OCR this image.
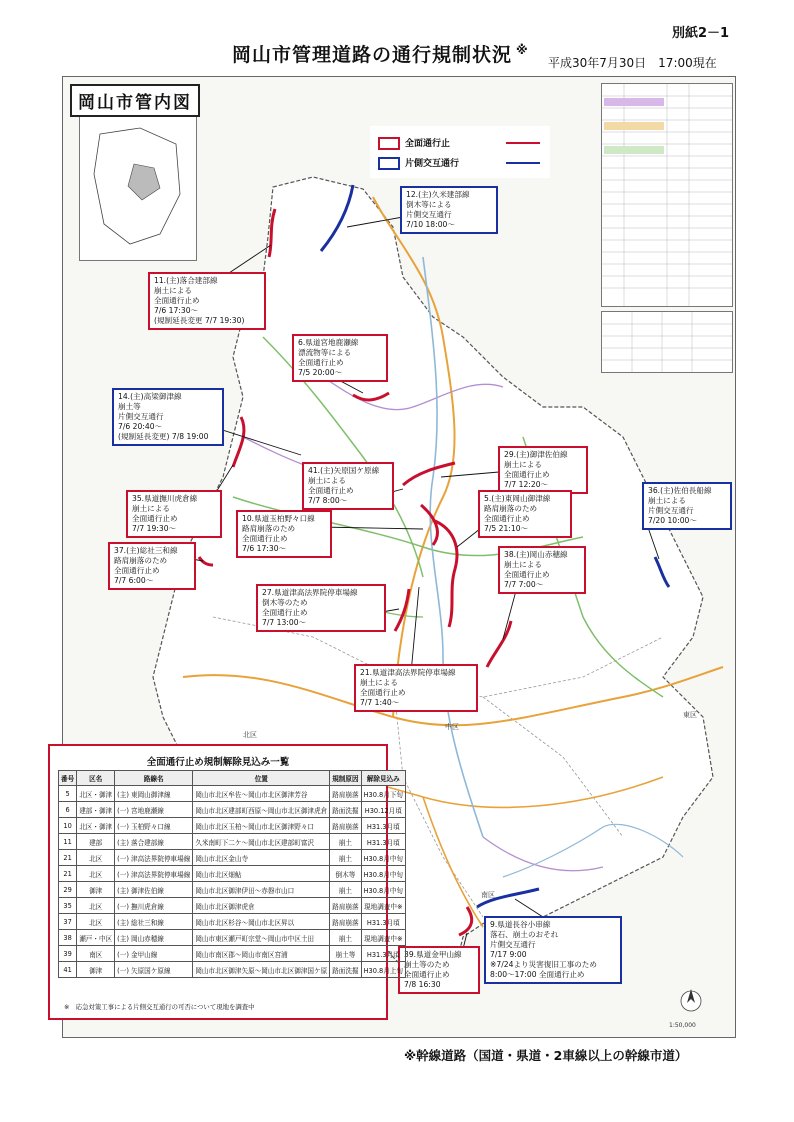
別紙2－1
岡山市管理道路の通行規制状況 ※
平成30年7月30日　17:00現在
北区
中区
南区
東区
1:50,000
岡山市管内図
全面通行止
片側交互通行
12.(主)久米建部線
倒木等による
片側交互通行
7/10 18:00～
11.(主)落合建部線
崩土による
全面通行止め
7/6 17:30～
(規制延長変更 7/7 19:30)
6.県道宮地鹿瀬線
漂流物等による
全面通行止め
7/5 20:00～
14.(主)高梁御津線
崩土等
片側交互通行
7/6 20:40～
(規制延長変更) 7/8 19:00
29.(主)御津佐伯線
崩土による
全面通行止め
7/7 12:20～
41.(主)矢原国ケ原線
崩土による
全面通行止め
7/7 8:00～
35.県道撫川虎倉線
崩土による
全面通行止め
7/7 19:30～
5.(主)東岡山御津線
路肩崩落のため
全面通行止め
7/5 21:10～
36.(主)佐伯長船線
崩土による
片側交互通行
7/20 10:00～
10.県道玉柏野々口線
路肩崩落のため
全面通行止め
7/6 17:30～
37.(主)総社三和線
路肩崩落のため
全面通行止め
7/7 6:00～
38.(主)岡山赤穂線
崩土による
全面通行止め
7/7 7:00～
27.県道津高法界院停車場線
倒木等のため
全面通行止め
7/7 13:00～
21.県道津高法界院停車場線
崩土による
全面通行止め
7/7 1:40～
9.県道長谷小串線
落石、崩土のおそれ
片側交互通行
7/17 9:00
※7/24より災害復旧工事のため
8:00～17:00 全面通行止め
39.県道金甲山線
崩土等のため
全面通行止め
7/8 16:30
全面通行止め規制解除見込み一覧
番号	区名	路線名	位置	規制原因	解除見込み
5	北区・御津	(主) 東岡山御津線	岡山市北区牟佐～岡山市北区御津芳谷	路肩崩落	H30.8月下旬
6	建部・御津	(一) 宮地鹿瀬線	岡山市北区建部町西原～岡山市北区御津虎倉	路面洗掘	H30.12月頃
10	北区・御津	(一) 玉柏野々口線	岡山市北区玉柏～岡山市北区御津野々口	路肩崩落	H31.3月頃
11	建部	(主) 落合建部線	久米南町下二ケ～岡山市北区建部町富沢	崩土	H31.3月頃
21	北区	(一) 津高法界院停車場線	岡山市北区金山寺	崩土	H30.8月中旬
21	北区	(一) 津高法界院停車場線	岡山市北区畑鮎	倒木等	H30.8月中旬
29	御津	(主) 御津佐伯線	岡山市北区御津伊田～赤磐市山口	崩土	H30.8月中旬
35	北区	(一) 撫川虎倉線	岡山市北区御津虎倉	路肩崩落	現地調査中※
37	北区	(主) 総社三和線	岡山市北区杉谷～岡山市北区昇以	路肩崩落	H31.3月頃
38	瀬戸・中区	(主) 岡山赤穂線	岡山市東区瀬戸町宗堂～岡山市中区土田	崩土	現地調査中※
39	南区	(一) 金甲山線	岡山市南区郡～岡山市南区宮浦	崩土等	H31.3月頃
41	御津	(一) 矢原国ケ原線	岡山市北区御津矢原～岡山市北区御津国ケ原	路面洗掘	H30.8月上旬
※　応急対策工事による片側交互通行の可否について現地を調査中
※幹線道路（国道・県道・2車線以上の幹線市道）
